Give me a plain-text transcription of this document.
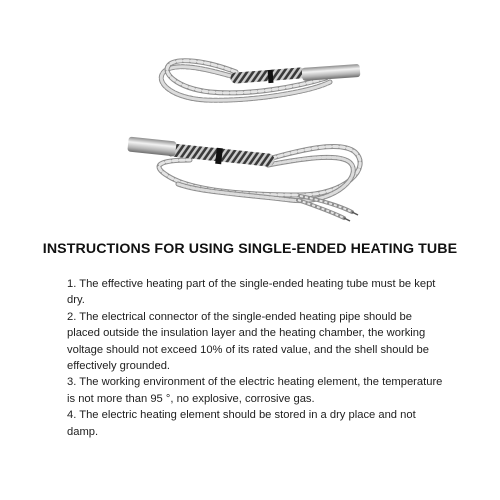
INSTRUCTIONS FOR USING SINGLE-ENDED HEATING TUBE

1. The effective heating part of the single-ended heating tube must be kept dry.

2. The electrical connector of the single-ended heating pipe should be placed outside the insulation layer and the heating chamber, the working voltage should not exceed 10% of its rated value, and the shell should be effectively grounded.

3. The working environment of the electric heating element, the temperature is not more than 95 °, no explosive, corrosive gas.

4. The electric heating element should be stored in a dry place and not damp.
